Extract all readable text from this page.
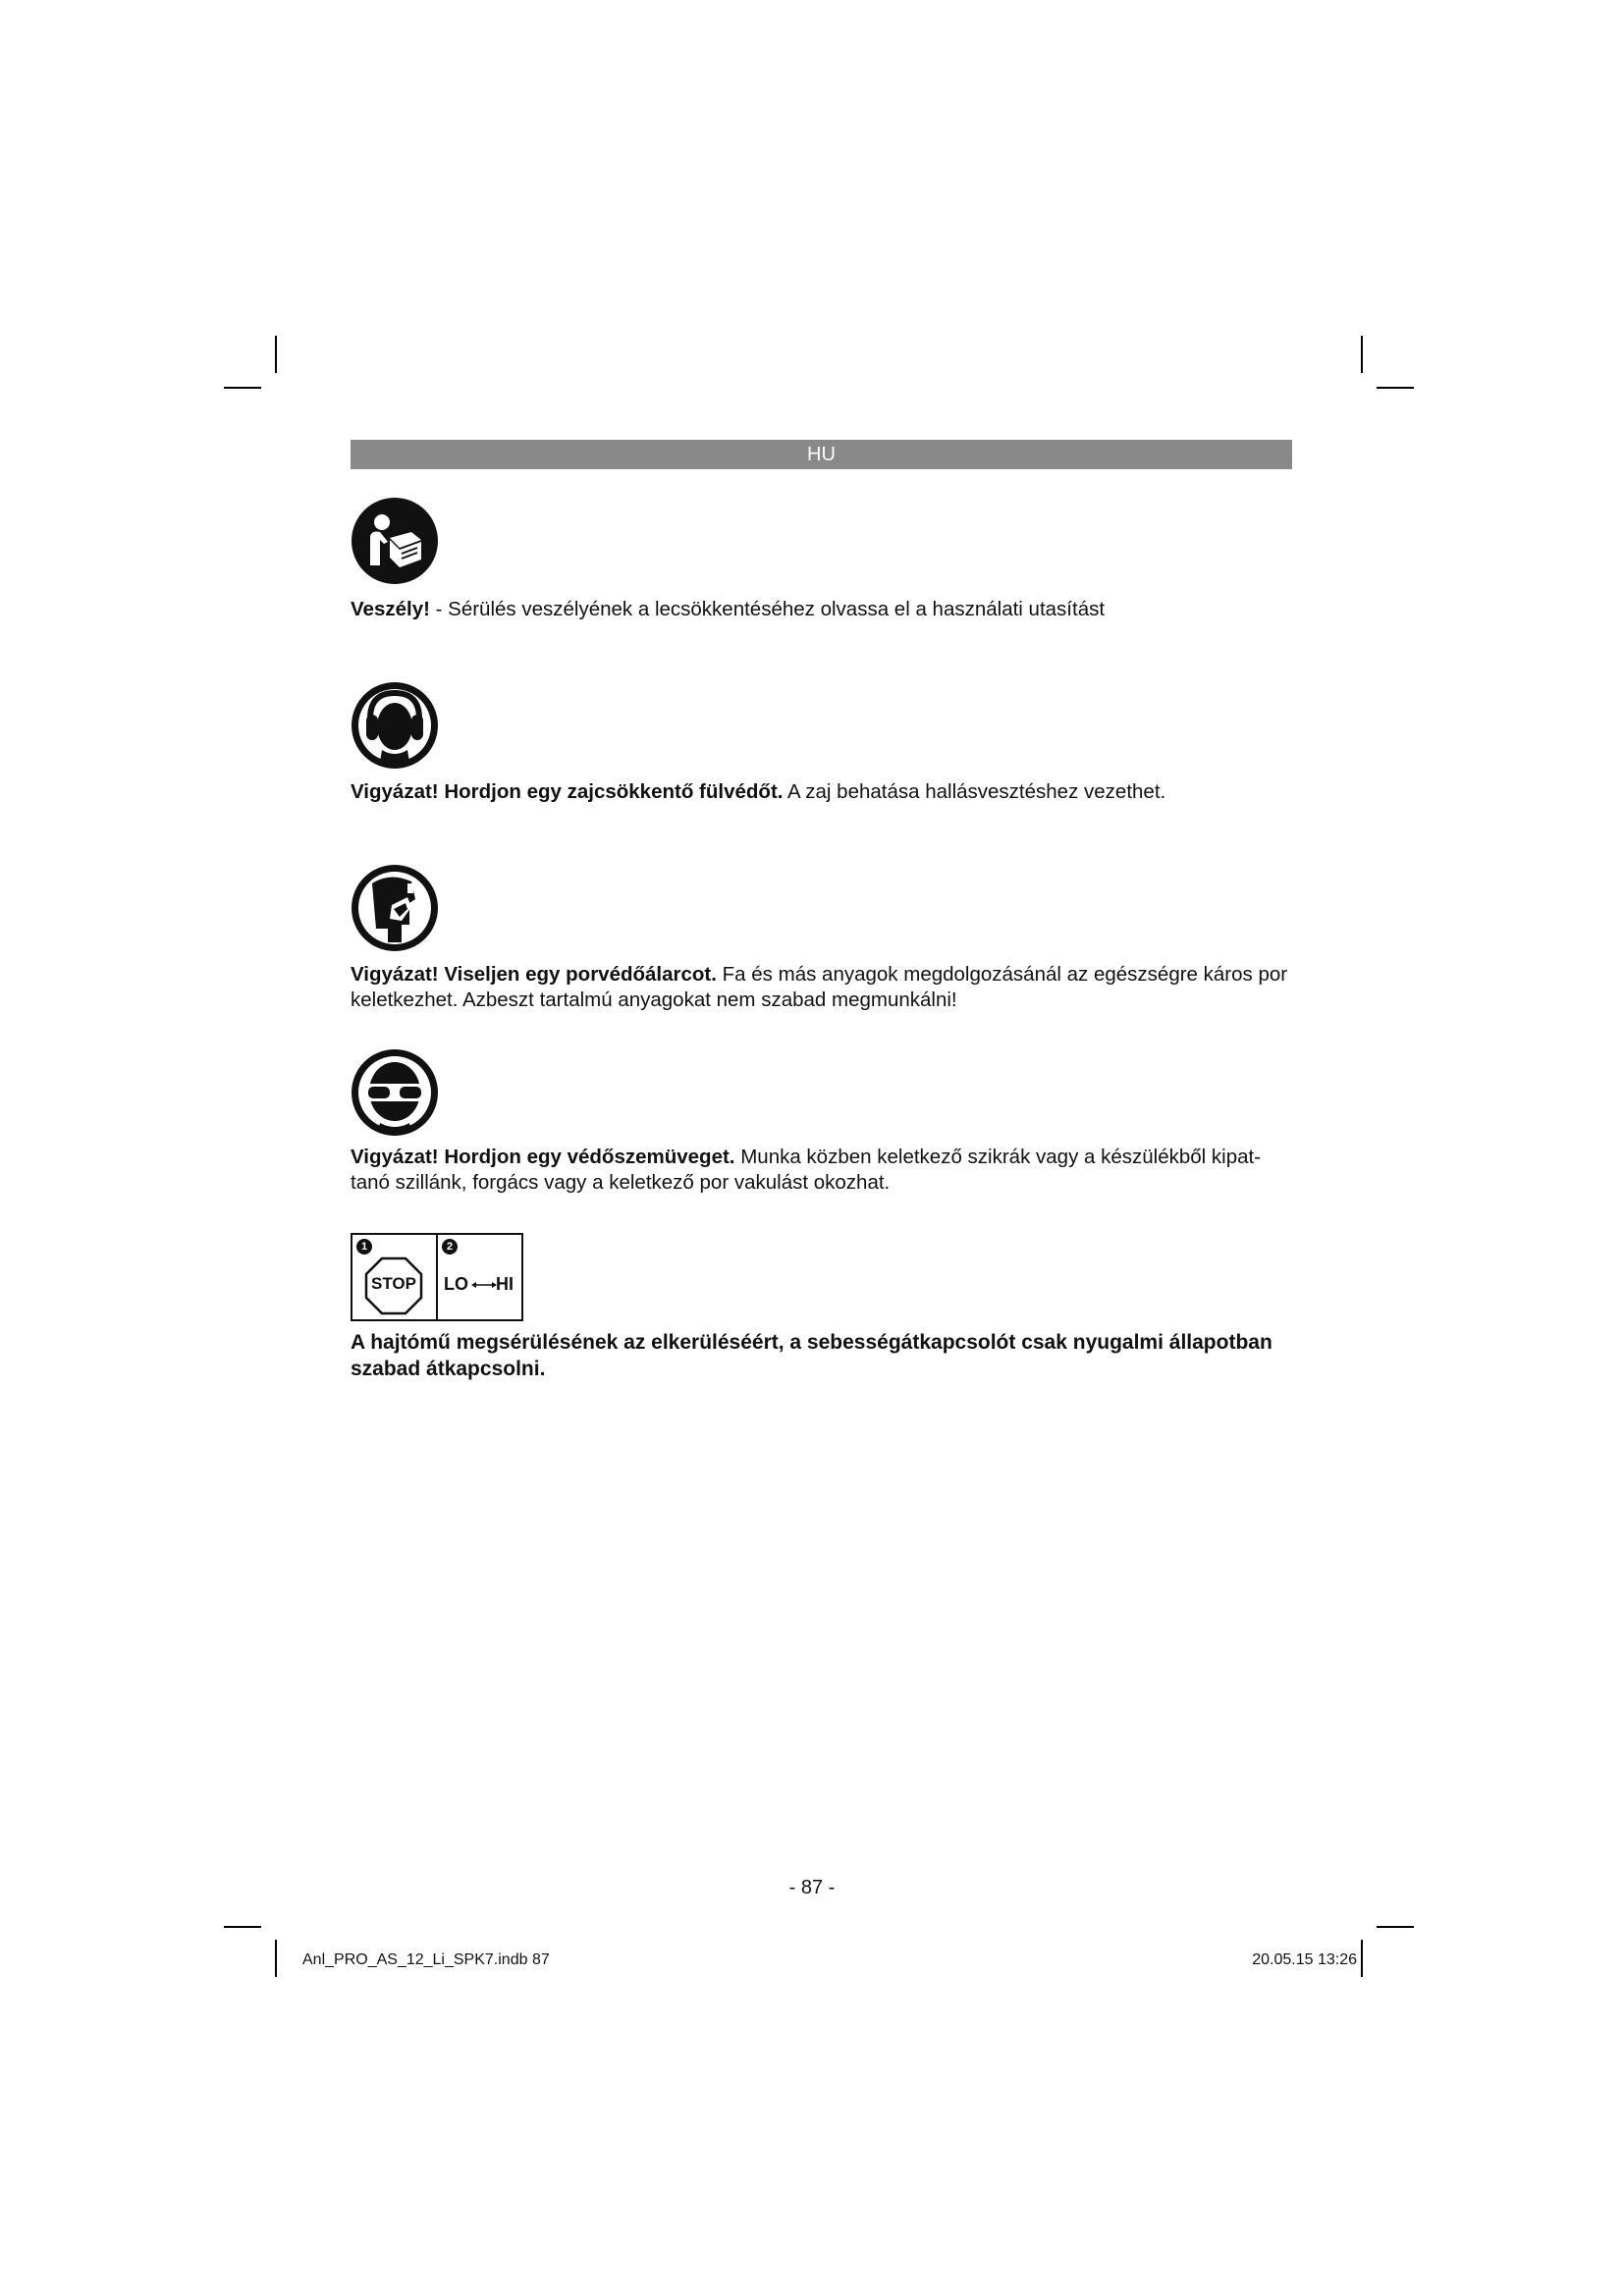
HU
Veszély! - Sérülés veszélyének a lecsökkentéséhez olvassa el a használati utasítást
Vigyázat! Hordjon egy zajcsökkentő fülvédőt. A zaj behatása hallásvesztéshez vezethet.
Vigyázat! Viseljen egy porvédőálarcot. Fa és más anyagok megdolgozásánál az egészségre káros por keletkezhet. Azbeszt tartalmú anyagokat nem szabad megmunkálni!
Vigyázat! Hordjon egy védőszemüveget. Munka közben keletkező szikrák vagy a készülékből kipattanó szillánk, forgács vagy a keletkező por vakulást okozhat.
1	2
STOP	LO HI
A hajtómű megsérülésének az elkerüléséért, a sebességátkapcsolót csak nyugalmi állapotban szabad átkapcsolni.
- 87 -
Anl_PRO_AS_12_Li_SPK7.indb 87	20.05.15 13:26
